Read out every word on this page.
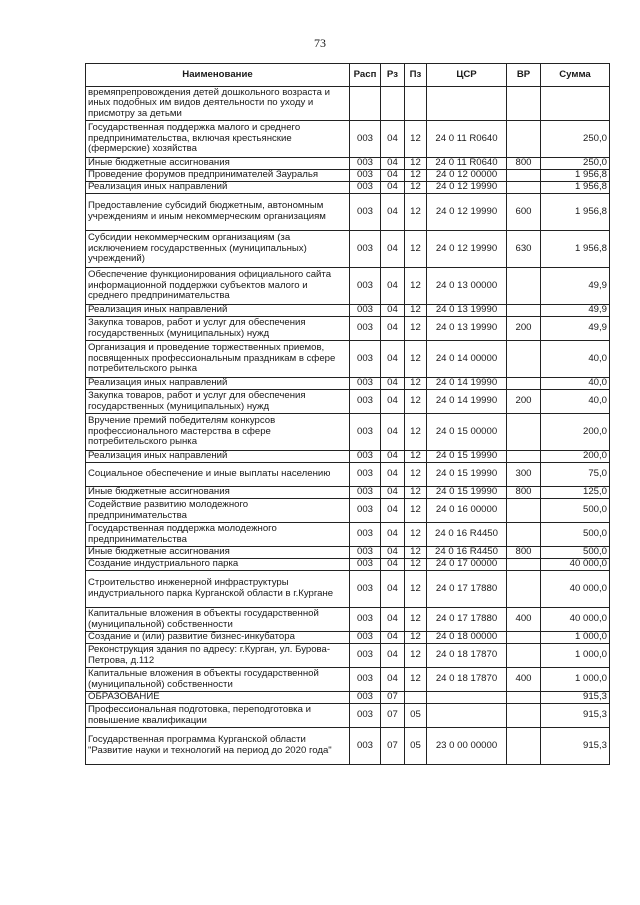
73
Наименование	Расп	Рз	Пз	ЦСР	ВР	Сумма
времяпрепровождения детей дошкольного возраста и иных подобных им видов деятельности по уходу и присмотру за детьми						
Государственная поддержка малого и среднего предпринимательства, включая крестьянские (фермерские) хозяйства	003	04	12	24 0 11 R0640		250,0
Иные бюджетные ассигнования	003	04	12	24 0 11 R0640	800	250,0
Проведение форумов предпринимателей Зауралья	003	04	12	24 0 12 00000		1 956,8
Реализация иных направлений	003	04	12	24 0 12 19990		1 956,8
Предоставление субсидий бюджетным, автономным учреждениям и иным некоммерческим организациям	003	04	12	24 0 12 19990	600	1 956,8
Субсидии некоммерческим организациям (за исключением государственных (муниципальных) учреждений)	003	04	12	24 0 12 19990	630	1 956,8
Обеспечение функционирования официального сайта информационной поддержки субъектов малого и среднего предпринимательства	003	04	12	24 0 13 00000		49,9
Реализация иных направлений	003	04	12	24 0 13 19990		49,9
Закупка товаров, работ и услуг для обеспечения государственных (муниципальных) нужд	003	04	12	24 0 13 19990	200	49,9
Организация и проведение торжественных приемов, посвященных профессиональным праздникам в сфере потребительского рынка	003	04	12	24 0 14 00000		40,0
Реализация иных направлений	003	04	12	24 0 14 19990		40,0
Закупка товаров, работ и услуг для обеспечения государственных (муниципальных) нужд	003	04	12	24 0 14 19990	200	40,0
Вручение премий победителям конкурсов профессионального мастерства в сфере потребительского рынка	003	04	12	24 0 15 00000		200,0
Реализация иных направлений	003	04	12	24 0 15 19990		200,0
Социальное обеспечение и иные выплаты населению	003	04	12	24 0 15 19990	300	75,0
Иные бюджетные ассигнования	003	04	12	24 0 15 19990	800	125,0
Содействие развитию молодежного предпринимательства	003	04	12	24 0 16 00000		500,0
Государственная поддержка молодежного предпринимательства	003	04	12	24 0 16 R4450		500,0
Иные бюджетные ассигнования	003	04	12	24 0 16 R4450	800	500,0
Создание индустриального парка	003	04	12	24 0 17 00000		40 000,0
Строительство инженерной инфраструктуры индустриального парка Курганской области в г.Кургане	003	04	12	24 0 17 17880		40 000,0
Капитальные вложения в объекты государственной (муниципальной) собственности	003	04	12	24 0 17 17880	400	40 000,0
Создание и (или) развитие бизнес-инкубатора	003	04	12	24 0 18 00000		1 000,0
Реконструкция здания по адресу: г.Курган, ул. Бурова-Петрова, д.112	003	04	12	24 0 18 17870		1 000,0
Капитальные вложения в объекты государственной (муниципальной) собственности	003	04	12	24 0 18 17870	400	1 000,0
ОБРАЗОВАНИЕ	003	07				915,3
Профессиональная подготовка, переподготовка и повышение квалификации	003	07	05			915,3
Государственная программа Курганской области "Развитие науки и технологий на период до 2020 года"	003	07	05	23 0 00 00000		915,3
